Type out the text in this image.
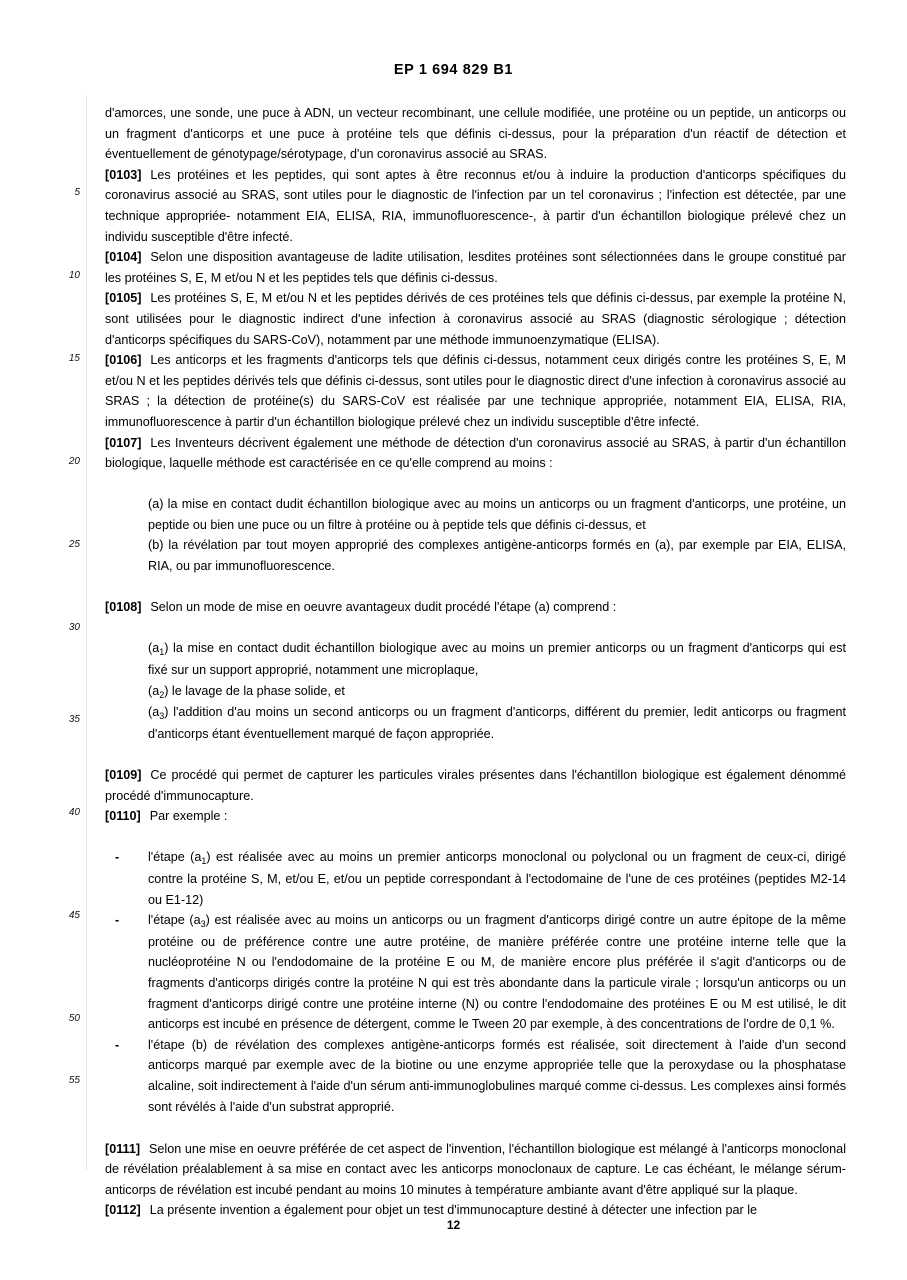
EP 1 694 829 B1
5
10
15
20
25
30
35
40
45
50
55

d'amorces, une sonde, une puce à ADN, un vecteur recombinant, une cellule modifiée, une protéine ou un peptide, un anticorps ou un fragment d'anticorps et une puce à protéine tels que définis ci-dessus, pour la préparation d'un réactif de détection et éventuellement de génotypage/sérotypage, d'un coronavirus associé au SRAS.

[0103] Les protéines et les peptides, qui sont aptes à être reconnus et/ou à induire la production d'anticorps spécifiques du coronavirus associé au SRAS, sont utiles pour le diagnostic de l'infection par un tel coronavirus ; l'infection est détectée, par une technique appropriée- notamment EIA, ELISA, RIA, immunofluorescence-, à partir d'un échantillon biologique prélevé chez un individu susceptible d'être infecté.

[0104] Selon une disposition avantageuse de ladite utilisation, lesdites protéines sont sélectionnées dans le groupe constitué par les protéines S, E, M et/ou N et les peptides tels que définis ci-dessus.

[0105] Les protéines S, E, M et/ou N et les peptides dérivés de ces protéines tels que définis ci-dessus, par exemple la protéine N, sont utilisées pour le diagnostic indirect d'une infection à coronavirus associé au SRAS (diagnostic sérologique ; détection d'anticorps spécifiques du SARS-CoV), notamment par une méthode immunoenzymatique (ELISA).

[0106] Les anticorps et les fragments d'anticorps tels que définis ci-dessus, notamment ceux dirigés contre les protéines S, E, M et/ou N et les peptides dérivés tels que définis ci-dessus, sont utiles pour le diagnostic direct d'une infection à coronavirus associé au SRAS ; la détection de protéine(s) du SARS-CoV est réalisée par une technique appropriée, notamment EIA, ELISA, RIA, immunofluorescence à partir d'un échantillon biologique prélevé chez un individu susceptible d'être infecté.

[0107] Les Inventeurs décrivent également une méthode de détection d'un coronavirus associé au SRAS, à partir d'un échantillon biologique, laquelle méthode est caractérisée en ce qu'elle comprend au moins :

(a) la mise en contact dudit échantillon biologique avec au moins un anticorps ou un fragment d'anticorps, une protéine, un peptide ou bien une puce ou un filtre à protéine ou à peptide tels que définis ci-dessus, et

(b) la révélation par tout moyen approprié des complexes antigène-anticorps formés en (a), par exemple par EIA, ELISA, RIA, ou par immunofluorescence.

[0108] Selon un mode de mise en oeuvre avantageux dudit procédé l'étape (a) comprend :

$(a_1)$ la mise en contact dudit échantillon biologique avec au moins un premier anticorps ou un fragment d'anticorps qui est fixé sur un support approprié, notamment une microplaque,

$(a_2)$ le lavage de la phase solide, et

$(a_3)$ l'addition d'au moins un second anticorps ou un fragment d'anticorps, différent du premier, ledit anticorps ou fragment d'anticorps étant éventuellement marqué de façon appropriée.

[0109] Ce procédé qui permet de capturer les particules virales présentes dans l'échantillon biologique est également dénommé procédé d'immunocapture.

[0110] Par exemple :

- l'étape $(a_1)$ est réalisée avec au moins un premier anticorps monoclonal ou polyclonal ou un fragment de ceux-ci, dirigé contre la protéine S, M, et/ou E, et/ou un peptide correspondant à l'ectodomaine de l'une de ces protéines (peptides M2-14 ou E1-12)
- l'étape $(a_3)$ est réalisée avec au moins un anticorps ou un fragment d'anticorps dirigé contre un autre épitope de la même protéine ou de préférence contre une autre protéine, de manière préférée contre une protéine interne telle que la nucléoprotéine N ou l'endodomaine de la protéine E ou M, de manière encore plus préférée il s'agit d'anticorps ou de fragments d'anticorps dirigés contre la protéine N qui est très abondante dans la particule virale ; lorsqu'un anticorps ou un fragment d'anticorps dirigé contre une protéine interne (N) ou contre l'endodomaine des protéines E ou M est utilisé, le dit anticorps est incubé en présence de détergent, comme le Tween 20 par exemple, à des concentrations de l'ordre de 0,1 %.
- l'étape (b) de révélation des complexes antigène-anticorps formés est réalisée, soit directement à l'aide d'un second anticorps marqué par exemple avec de la biotine ou une enzyme appropriée telle que la peroxydase ou la phosphatase alcaline, soit indirectement à l'aide d'un sérum anti-immunoglobulines marqué comme ci-dessus. Les complexes ainsi formés sont révélés à l'aide d'un substrat approprié.

[0111] Selon une mise en oeuvre préférée de cet aspect de l'invention, l'échantillon biologique est mélangé à l'anticorps monoclonal de révélation préalablement à sa mise en contact avec les anticorps monoclonaux de capture. Le cas échéant, le mélange sérum-anticorps de révélation est incubé pendant au moins 10 minutes à température ambiante avant d'être appliqué sur la plaque.

[0112] La présente invention a également pour objet un test d'immunocapture destiné à détecter une infection par le

12
